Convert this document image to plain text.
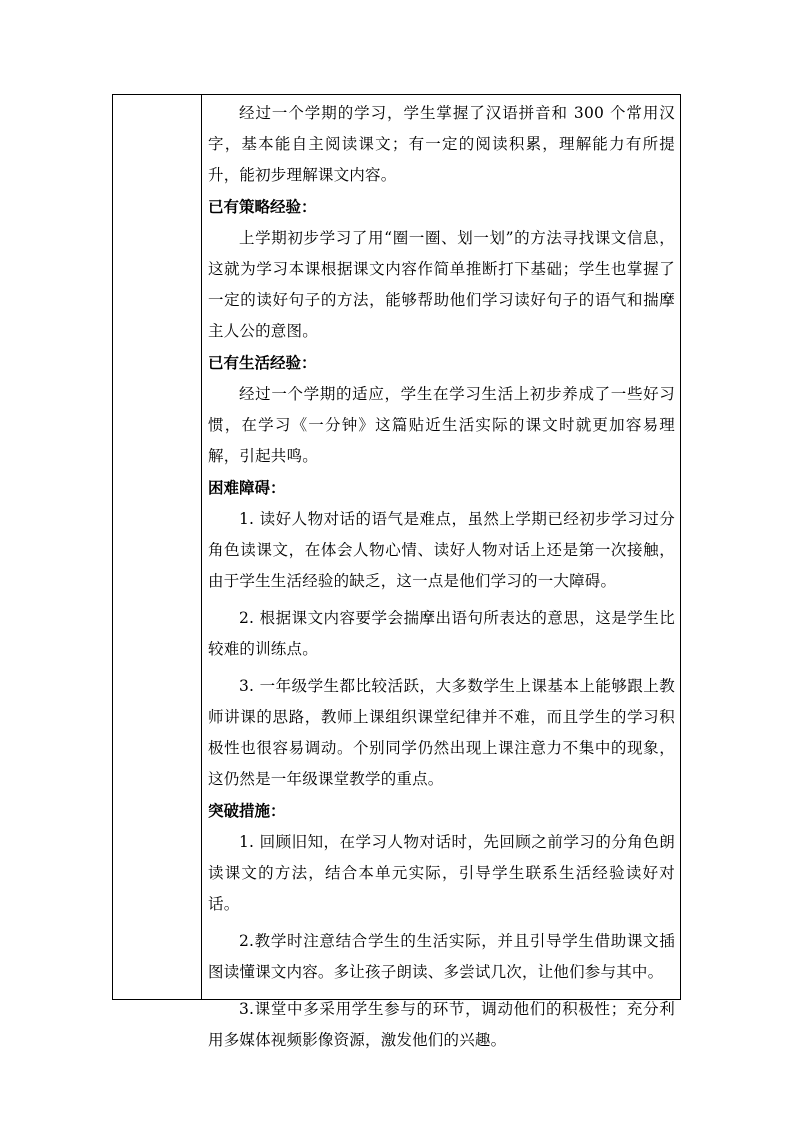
经过一个学期的学习，学生掌握了汉语拼音和 300 个常用汉字，基本能自主阅读课文；有一定的阅读积累，理解能力有所提升，能初步理解课文内容。

已有策略经验：

上学期初步学习了用“圈一圈、划一划”的方法寻找课文信息，这就为学习本课根据课文内容作简单推断打下基础；学生也掌握了一定的读好句子的方法，能够帮助他们学习读好句子的语气和揣摩主人公的意图。

已有生活经验：

经过一个学期的适应，学生在学习生活上初步养成了一些好习惯，在学习《一分钟》这篇贴近生活实际的课文时就更加容易理解，引起共鸣。

困难障碍：

1. 读好人物对话的语气是难点，虽然上学期已经初步学习过分角色读课文，在体会人物心情、读好人物对话上还是第一次接触，由于学生生活经验的缺乏，这一点是他们学习的一大障碍。

2. 根据课文内容要学会揣摩出语句所表达的意思，这是学生比较难的训练点。

3. 一年级学生都比较活跃，大多数学生上课基本上能够跟上教师讲课的思路，教师上课组织课堂纪律并不难，而且学生的学习积极性也很容易调动。个别同学仍然出现上课注意力不集中的现象，这仍然是一年级课堂教学的重点。

突破措施：

1. 回顾旧知，在学习人物对话时，先回顾之前学习的分角色朗读课文的方法，结合本单元实际，引导学生联系生活经验读好对话。

2.教学时注意结合学生的生活实际，并且引导学生借助课文插图读懂课文内容。多让孩子朗读、多尝试几次，让他们参与其中。

3.课堂中多采用学生参与的环节，调动他们的积极性；充分利用多媒体视频影像资源，激发他们的兴趣。
